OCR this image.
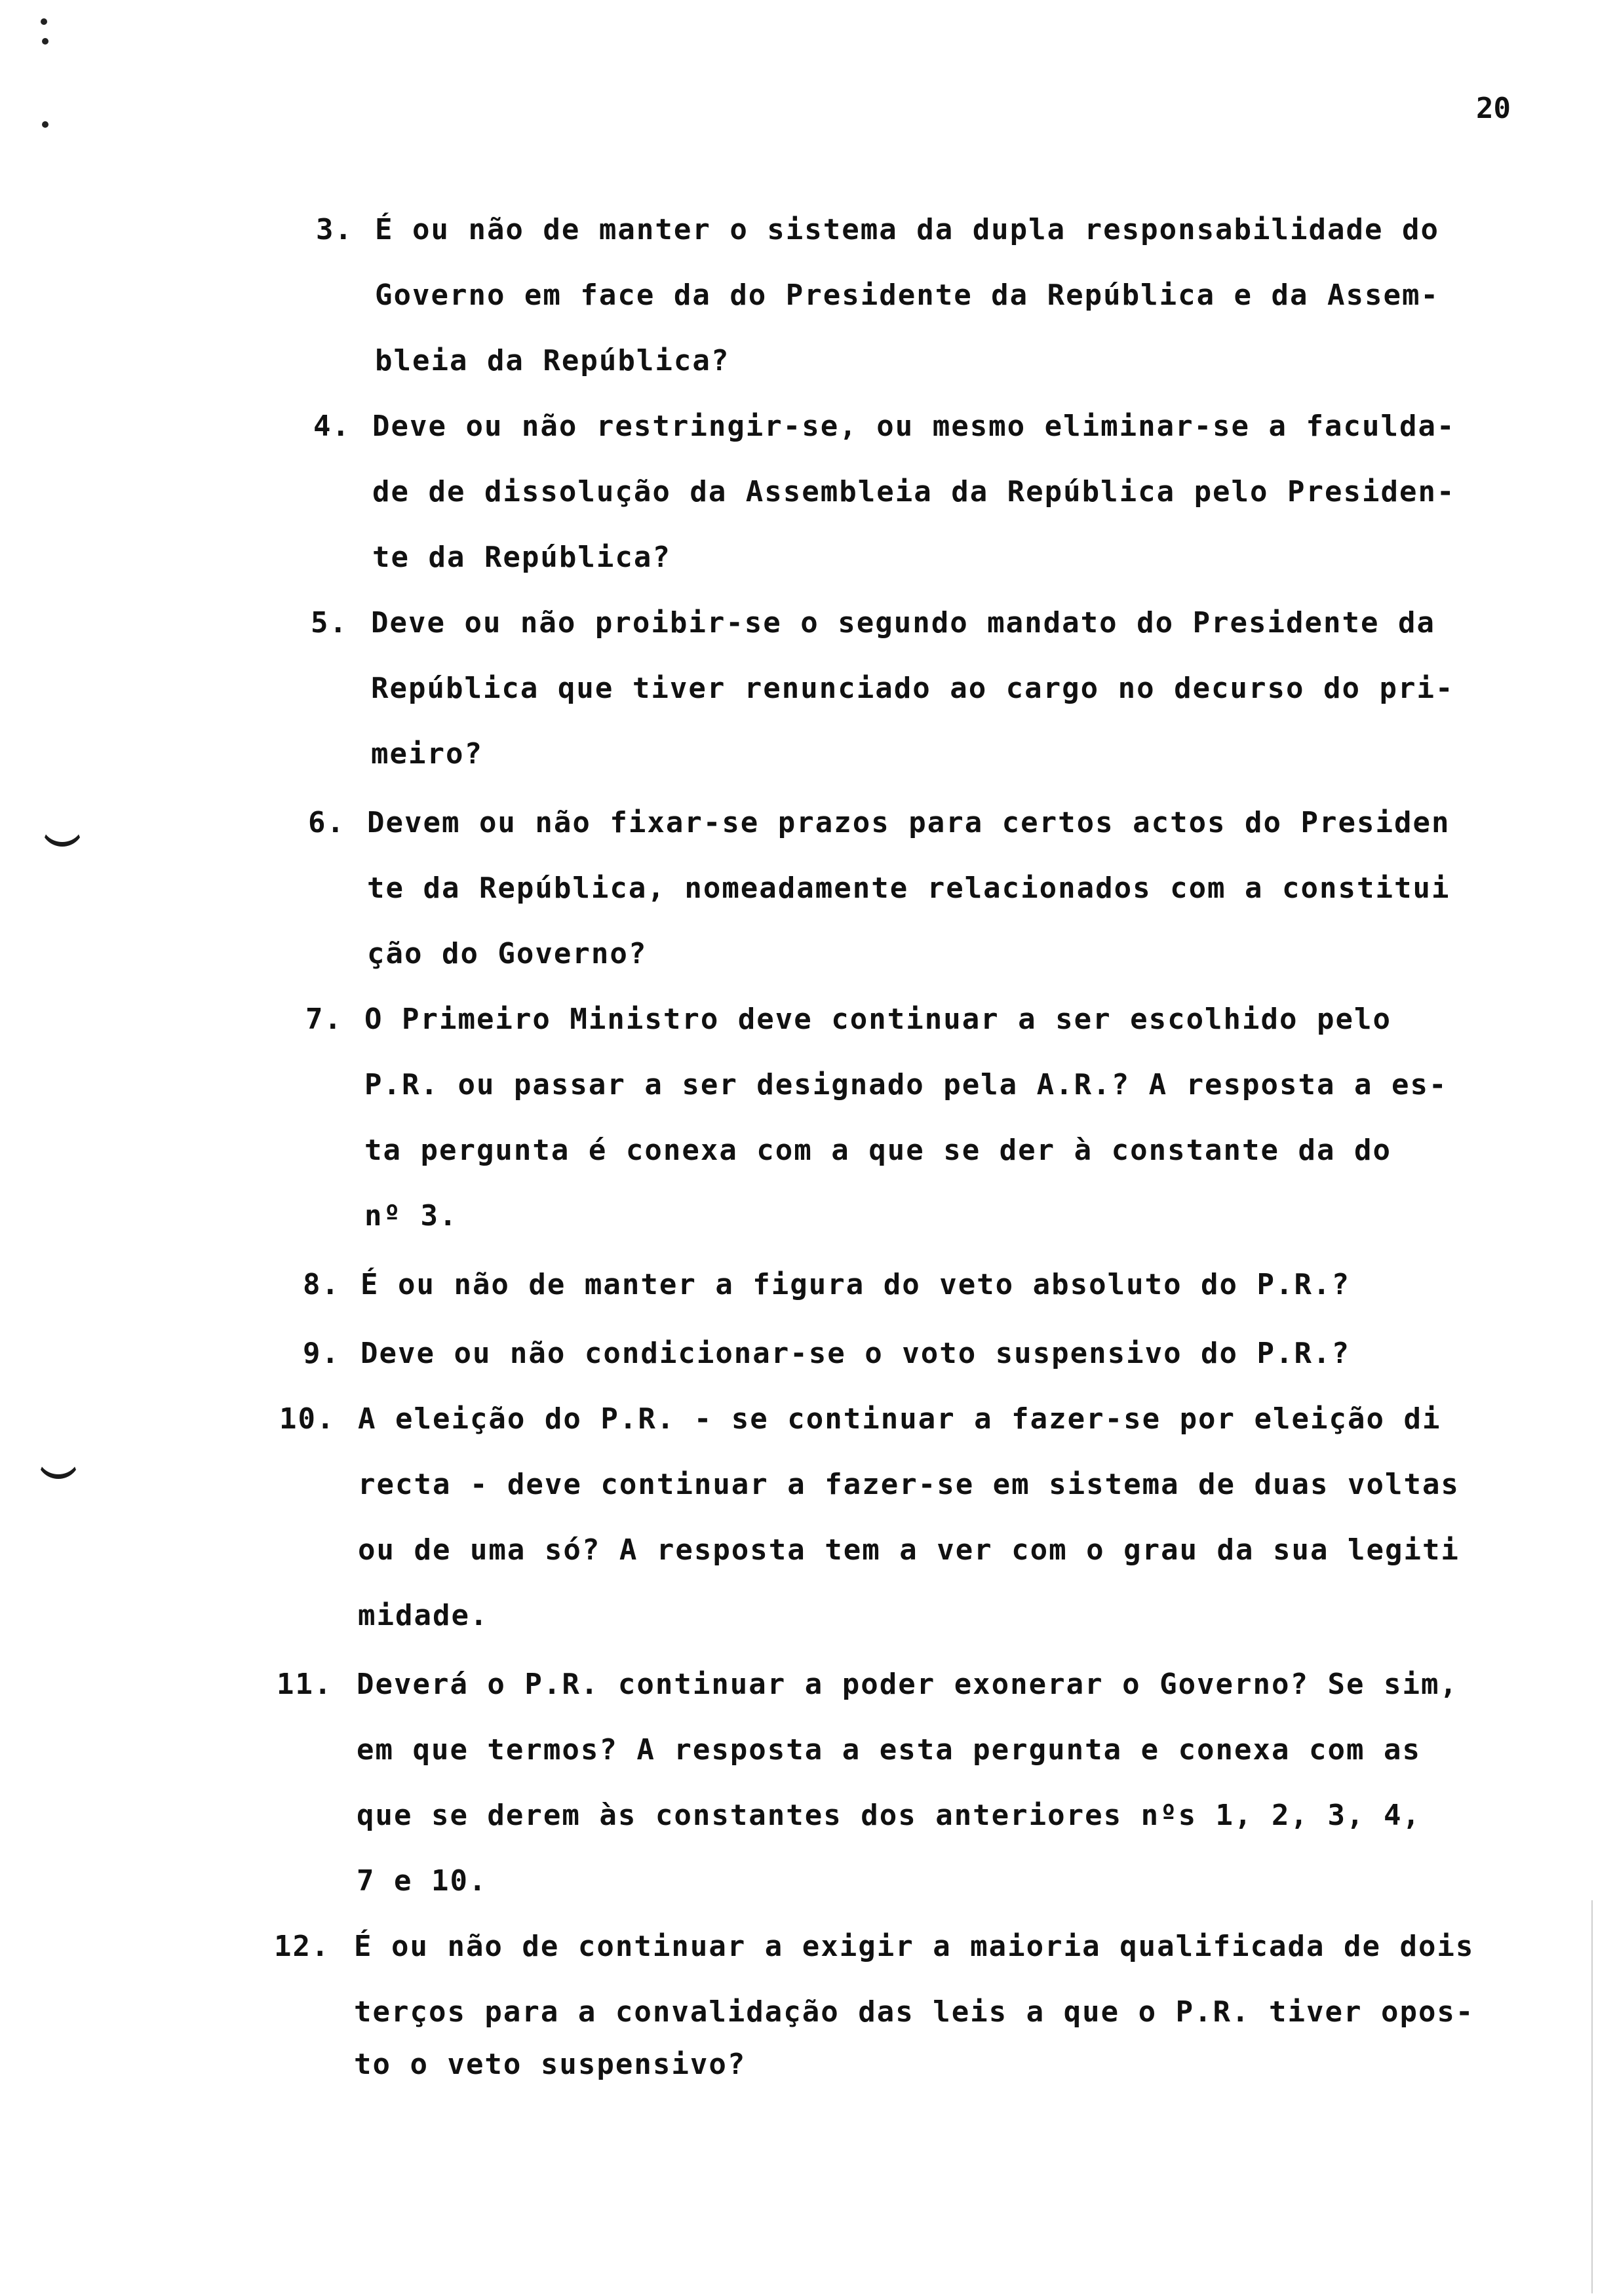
20
3. É ou não de manter o sistema da dupla responsabilidade do
Governo em face da do Presidente da República e da Assem-
bleia da República?
4. Deve ou não restringir-se, ou mesmo eliminar-se a faculda-
de de dissolução da Assembleia da República pelo Presiden-
te da República?
5. Deve ou não proibir-se o segundo mandato do Presidente da
República que tiver renunciado ao cargo no decurso do pri-
meiro?
6. Devem ou não fixar-se prazos para certos actos do Presiden
te da República, nomeadamente relacionados com a constitui
ção do Governo?
7. O Primeiro Ministro deve continuar a ser escolhido pelo
P.R. ou passar a ser designado pela A.R.? A resposta a es-
ta pergunta é conexa com a que se der à constante da do
nº 3.
8. É ou não de manter a figura do veto absoluto do P.R.?
9. Deve ou não condicionar-se o voto suspensivo do P.R.?
10. A eleição do P.R. - se continuar a fazer-se por eleição di
recta - deve continuar a fazer-se em sistema de duas voltas
ou de uma só? A resposta tem a ver com o grau da sua legiti
midade.
11. Deverá o P.R. continuar a poder exonerar o Governo? Se sim,
em que termos? A resposta a esta pergunta e conexa com as
que se derem às constantes dos anteriores nºs 1, 2, 3, 4,
7 e 10.
12. É ou não de continuar a exigir a maioria qualificada de dois
terços para a convalidação das leis a que o P.R. tiver opos-
to o veto suspensivo?
